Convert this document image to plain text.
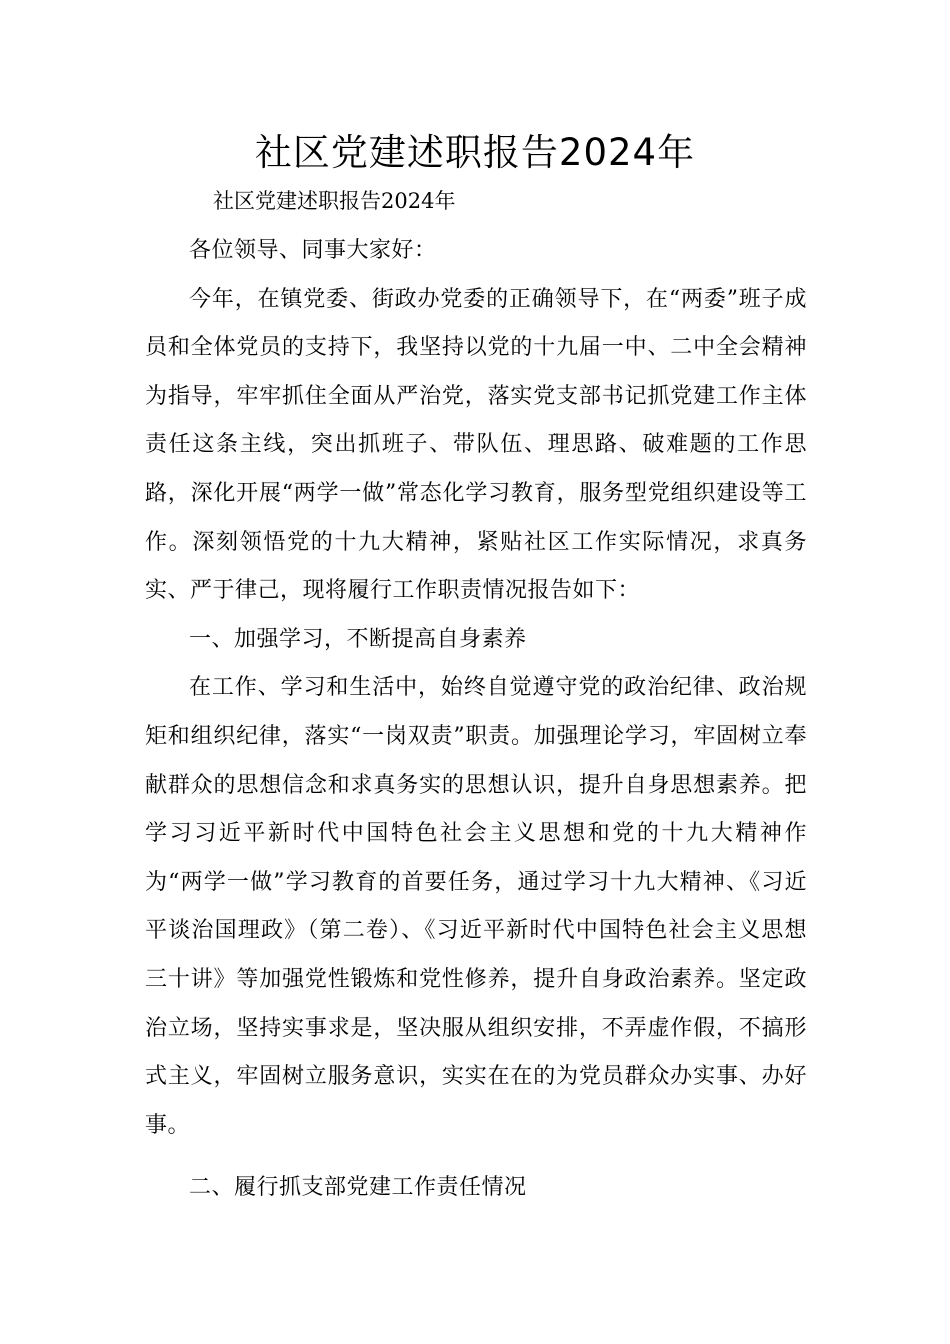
社区党建述职报告2024年

社区党建述职报告2024年

各位领导、同事大家好：

今年，在镇党委、街政办党委的正确领导下，在“两委”班子成员和全体党员的支持下，我坚持以党的十九届一中、二中全会精神为指导，牢牢抓住全面从严治党，落实党支部书记抓党建工作主体责任这条主线，突出抓班子、带队伍、理思路、破难题的工作思路，深化开展“两学一做”常态化学习教育，服务型党组织建设等工作。深刻领悟党的十九大精神，紧贴社区工作实际情况，求真务实、严于律己，现将履行工作职责情况报告如下：

一、加强学习，不断提高自身素养

在工作、学习和生活中，始终自觉遵守党的政治纪律、政治规矩和组织纪律，落实“一岗双责”职责。加强理论学习，牢固树立奉献群众的思想信念和求真务实的思想认识，提升自身思想素养。把学习习近平新时代中国特色社会主义思想和党的十九大精神作为“两学一做”学习教育的首要任务，通过学习十九大精神、《习近平谈治国理政》（第二卷）、《习近平新时代中国特色社会主义思想三十讲》等加强党性锻炼和党性修养，提升自身政治素养。坚定政治立场，坚持实事求是，坚决服从组织安排，不弄虚作假，不搞形式主义，牢固树立服务意识，实实在在的为党员群众办实事、办好事。

二、履行抓支部党建工作责任情况
